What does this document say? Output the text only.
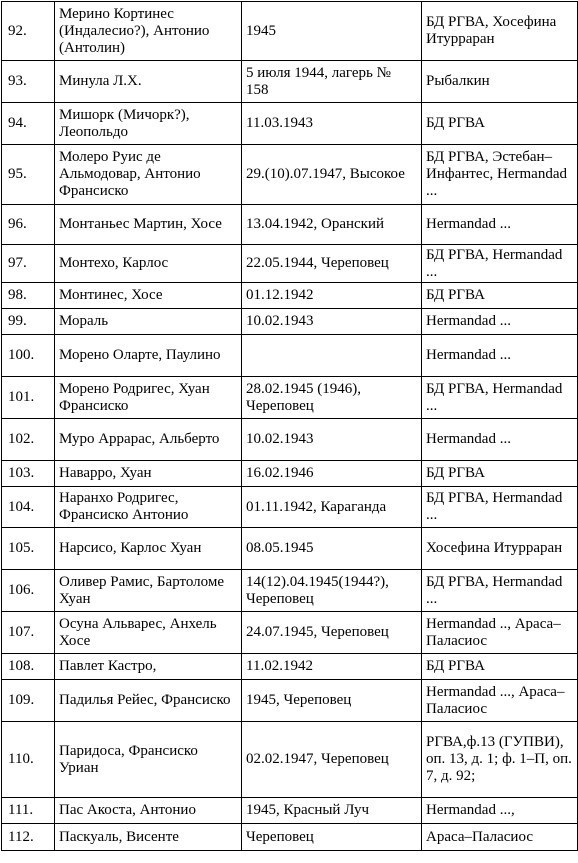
92.	Мерино Кортинес (Индалесио?), Антонио (Антолин)	1945	БД РГВА, Хосефина Итурраран
93.	Минула Л.Х.	5 июля 1944, лагерь № 158	Рыбалкин
94.	Мишорк (Мичорк?), Леопольдо	11.03.1943	БД РГВА
95.	Молеро Руис де Альмодовар, Антонио Франсиско	29.(10).07.1947, Высокое	БД РГВА, Эстебан–Инфантес, Hermandad ...
96.	Монтаньес Мартин, Хосе	13.04.1942, Оранский	Hermandad ...
97.	Монтехо, Карлос	22.05.1944, Череповец	БД РГВА, Hermandad ...
98.	Монтинес, Хосе	01.12.1942	БД РГВА
99.	Мораль	10.02.1943	Hermandad ...
100.	Морено Оларте, Паулино		Hermandad ...
101.	Морено Родригес, Хуан Франсиско	28.02.1945 (1946), Череповец	БД РГВА, Hermandad ...
102.	Муро Аррарас, Альберто	10.02.1943	Hermandad ...
103.	Наварро, Хуан	16.02.1946	БД РГВА
104.	Наранхо Родригес, Франсиско Антонио	01.11.1942, Караганда	БД РГВА, Hermandad ...
105.	Нарсисо, Карлос Хуан	08.05.1945	Хосефина Итурраран
106.	Оливер Рамис, Бартоломе Хуан	14(12).04.1945(1944?), Череповец	БД РГВА, Hermandad ...
107.	Осуна Альварес, Анхель Хосе	24.07.1945, Череповец	Hermandad .., Араса–Паласиос
108.	Павлет Кастро,	11.02.1942	БД РГВА
109.	Падилья Рейес, Франсиско	1945, Череповец	Hermandad ..., Араса–Паласиос
110.	Паридоса, Франсиско Уриан	02.02.1947, Череповец	РГВА,ф.13 (ГУПВИ), оп. 13, д. 1; ф. 1–П, оп. 7, д. 92;
111.	Пас Акоста, Антонио	1945, Красный Луч	Hermandad ...,
112.	Паскуаль, Висенте	Череповец	Араса–Паласиос
